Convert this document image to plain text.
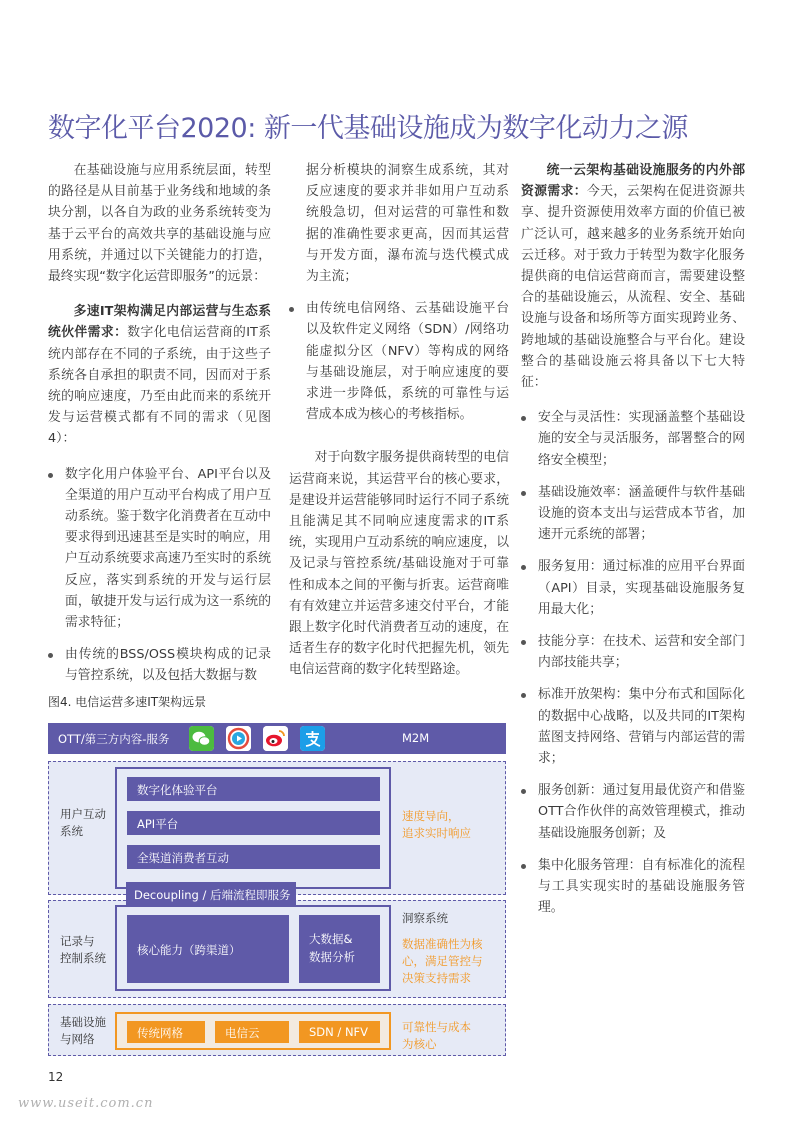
数字化平台2020: 新一代基础设施成为数字化动力之源

在基础设施与应用系统层面，转型的路径是从目前基于业务线和地域的条块分割，以各自为政的业务系统转变为基于云平台的高效共享的基础设施与应用系统，并通过以下关键能力的打造，最终实现“数字化运营即服务”的远景：

多速IT架构满足内部运营与生态系统伙伴需求：数字化电信运营商的IT系统内部存在不同的子系统，由于这些子系统各自承担的职责不同，因而对于系统的响应速度，乃至由此而来的系统开发与运营模式都有不同的需求（见图4）：

数字化用户体验平台、API平台以及全渠道的用户互动平台构成了用户互动系统。鉴于数字化消费者在互动中要求得到迅速甚至是实时的响应，用户互动系统要求高速乃至实时的系统反应，落实到系统的开发与运行层面，敏捷开发与运行成为这一系统的需求特征；
由传统的BSS/OSS模块构成的记录与管控系统，以及包括大数据与数
据分析模块的洞察生成系统，其对反应速度的要求并非如用户互动系统般急切，但对运营的可靠性和数据的准确性要求更高，因而其运营与开发方面，瀑布流与迭代模式成为主流；
由传统电信网络、云基础设施平台以及软件定义网络（SDN）/网络功能虚拟分区（NFV）等构成的网络与基础设施层，对于响应速度的要求进一步降低，系统的可靠性与运营成本成为核心的考核指标。

对于向数字服务提供商转型的电信运营商来说，其运营平台的核心要求，是建设并运营能够同时运行不同子系统且能满足其不同响应速度需求的IT系统，实现用户互动系统的响应速度，以及记录与管控系统/基础设施对于可靠性和成本之间的平衡与折衷。运营商唯有有效建立并运营多速交付平台，才能跟上数字化时代消费者互动的速度，在适者生存的数字化时代把握先机，领先电信运营商的数字化转型路途。

统一云架构基础设施服务的内外部资源需求：今天，云架构在促进资源共享、提升资源使用效率方面的价值已被广泛认可，越来越多的业务系统开始向云迁移。对于致力于转型为数字化服务提供商的电信运营商而言，需要建设整合的基础设施云，从流程、安全、基础设施与设备和场所等方面实现跨业务、跨地域的基础设施整合与平台化。建设整合的基础设施云将具备以下七大特征：

安全与灵活性：实现涵盖整个基础设施的安全与灵活服务，部署整合的网络安全模型；
基础设施效率：涵盖硬件与软件基础设施的资本支出与运营成本节省，加速开元系统的部署；
服务复用：通过标准的应用平台界面（API）目录，实现基础设施服务复用最大化；
技能分享：在技术、运营和安全部门内部技能共享；
标准开放架构：集中分布式和国际化的数据中心战略，以及共同的IT架构蓝图支持网络、营销与内部运营的需求；
服务创新：通过复用最优资产和借鉴OTT合作伙伴的高效管理模式，推动基础设施服务创新；及
集中化服务管理：自有标准化的流程与工具实现实时的基础设施服务管理。
图4. 电信运营多速IT架构远景
OTT/第三方内容-服务	M2M
用户互动
系统
数字化体验平台
API平台
全渠道消费者互动
速度导向，
追求实时响应
Decoupling / 后端流程即服务
记录与
控制系统
核心能力（跨渠道）
大数据&
数据分析
洞察系统
数据准确性为核
心，满足管控与
决策支持需求
基础设施
与网络	传统网格	电信云	SDN / NFV	可靠性与成本
为核心
12
www.useit.com.cn
